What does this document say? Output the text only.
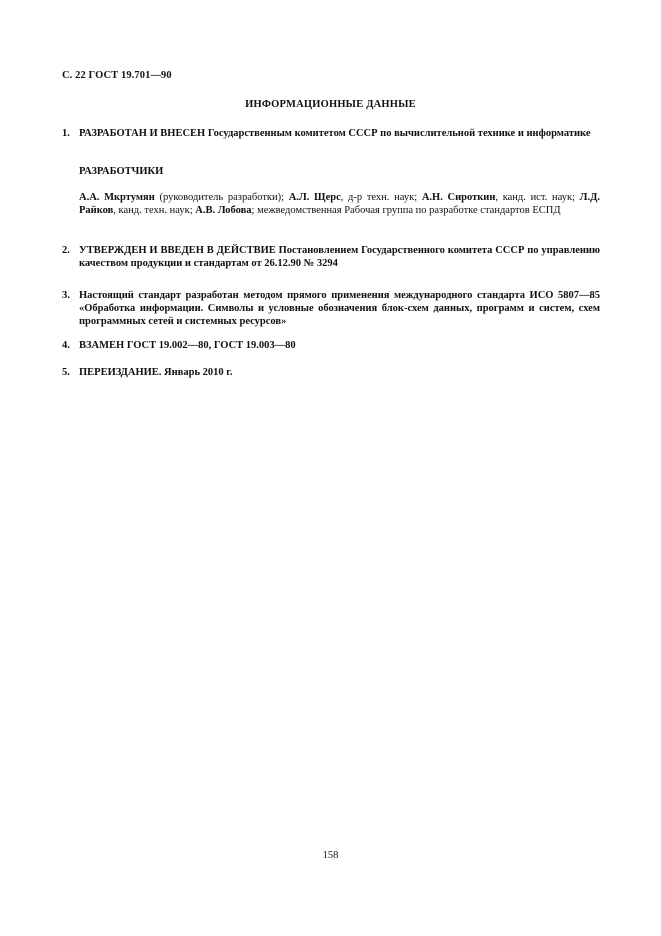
С. 22 ГОСТ 19.701—90
ИНФОРМАЦИОННЫЕ ДАННЫЕ
1. РАЗРАБОТАН И ВНЕСЕН Государственным комитетом СССР по вычислительной технике и информатике
РАЗРАБОТЧИКИ
А.А. Мкртумян (руководитель разработки); А.Л. Щерс, д-р техн. наук; А.Н. Сироткин, канд. ист. наук; Л.Д. Райков, канд. техн. наук; А.В. Лобова; межведомственная Рабочая группа по разработке стандартов ЕСПД
2. УТВЕРЖДЕН И ВВЕДЕН В ДЕЙСТВИЕ Постановлением Государственного комитета СССР по управлению качеством продукции и стандартам от 26.12.90 № 3294
3. Настоящий стандарт разработан методом прямого применения международного стандарта ИСО 5807—85 «Обработка информации. Символы и условные обозначения блок-схем данных, программ и систем, схем программных сетей и системных ресурсов»
4. ВЗАМЕН ГОСТ 19.002—80, ГОСТ 19.003—80
5. ПЕРЕИЗДАНИЕ. Январь 2010 г.
158
